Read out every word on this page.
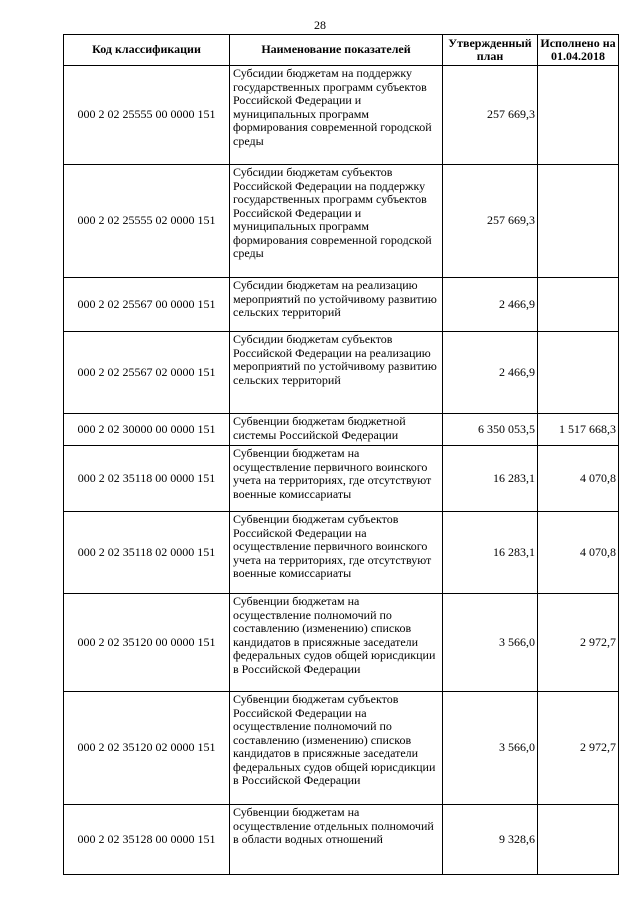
28
Код классификации	Наименование показателей	Утвержденный план	Исполнено на 01.04.2018
000 2 02 25555 00 0000 151	Субсидии бюджетам на поддержку государственных программ субъектов Российской Федерации и муниципальных программ формирования современной городской среды	257 669,3	
000 2 02 25555 02 0000 151	Субсидии бюджетам субъектов Российской Федерации на поддержку государственных программ субъектов Российской Федерации и муниципальных программ формирования современной городской среды	257 669,3	
000 2 02 25567 00 0000 151	Субсидии бюджетам на реализацию мероприятий по устойчивому развитию сельских территорий	2 466,9	
000 2 02 25567 02 0000 151	Субсидии бюджетам субъектов Российской Федерации на реализацию мероприятий по устойчивому развитию сельских территорий	2 466,9	
000 2 02 30000 00 0000 151	Субвенции бюджетам бюджетной системы Российской Федерации	6 350 053,5	1 517 668,3
000 2 02 35118 00 0000 151	Субвенции бюджетам на осуществление первичного воинского учета на территориях, где отсутствуют военные комиссариаты	16 283,1	4 070,8
000 2 02 35118 02 0000 151	Субвенции бюджетам субъектов Российской Федерации на осуществление первичного воинского учета на территориях, где отсутствуют военные комиссариаты	16 283,1	4 070,8
000 2 02 35120 00 0000 151	Субвенции бюджетам на осуществление полномочий по составлению (изменению) списков кандидатов в присяжные заседатели федеральных судов общей юрисдикции в Российской Федерации	3 566,0	2 972,7
000 2 02 35120 02 0000 151	Субвенции бюджетам субъектов Российской Федерации на осуществление полномочий по составлению (изменению) списков кандидатов в присяжные заседатели федеральных судов общей юрисдикции в Российской Федерации	3 566,0	2 972,7
000 2 02 35128 00 0000 151	Субвенции бюджетам на осуществление отдельных полномочий в области водных отношений	9 328,6	
